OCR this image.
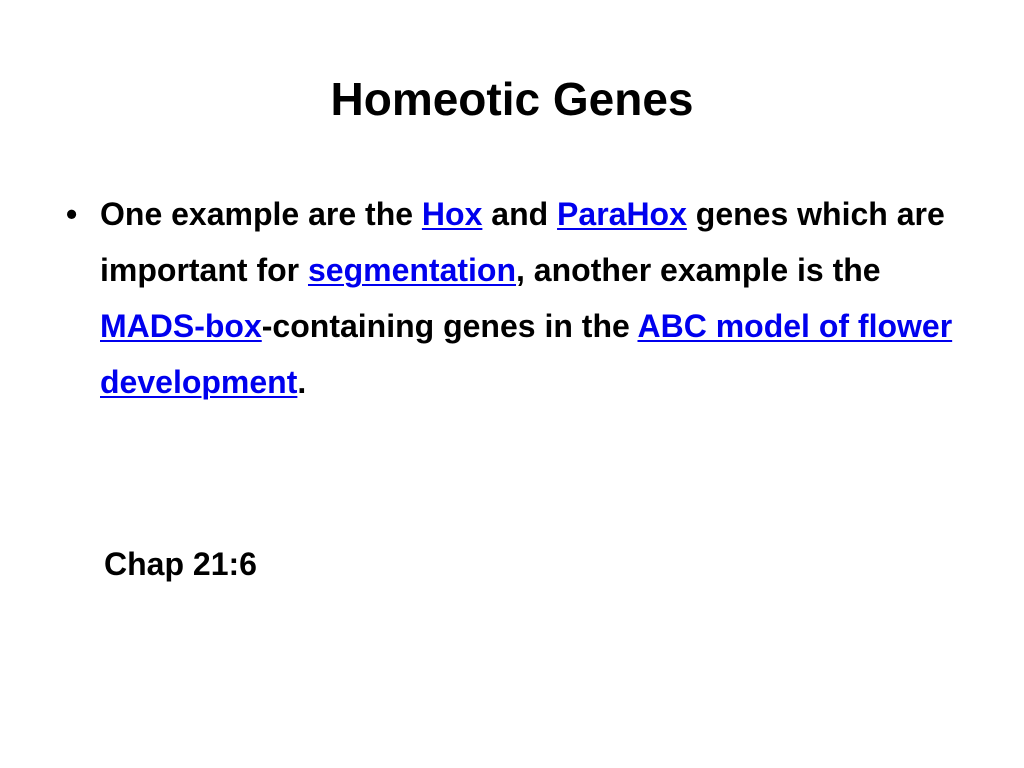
Homeotic Genes
• One example are the Hox and ParaHox genes which are important for segmentation, another example is the MADS-box-containing genes in the ABC model of flower development.
Chap 21:6
